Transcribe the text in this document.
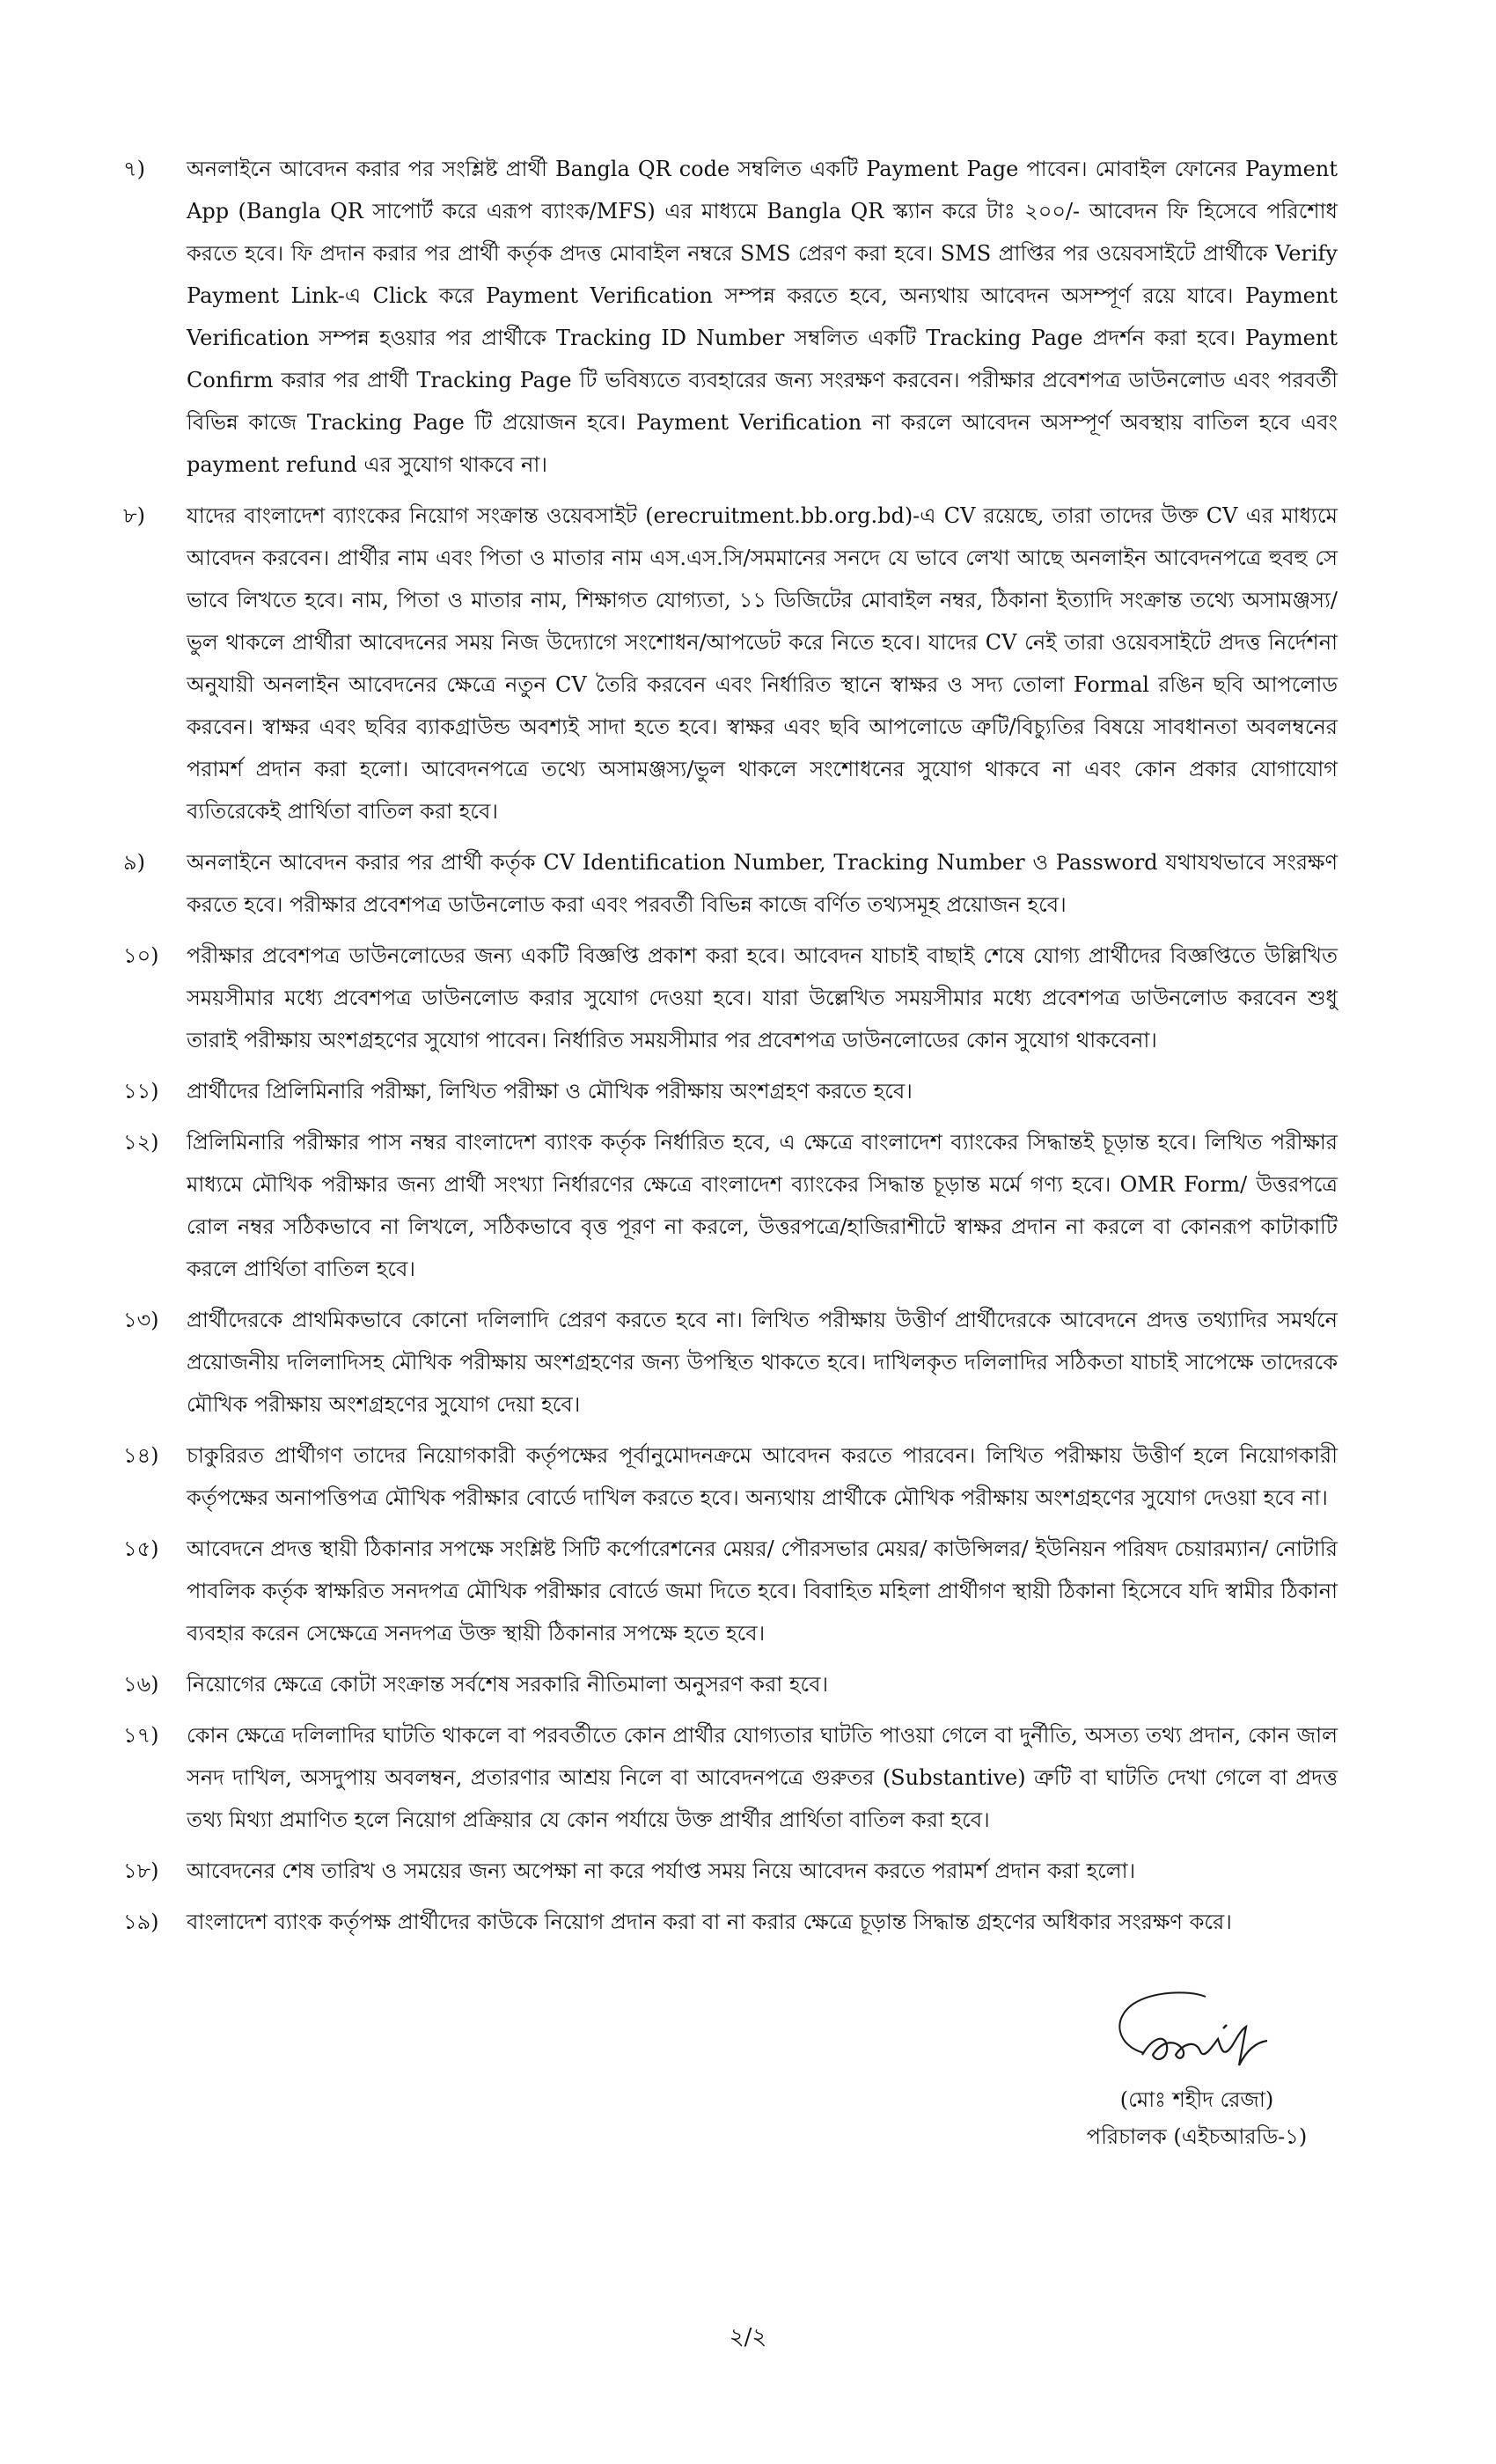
৭)	অনলাইনে আবেদন করার পর সংশ্লিষ্ট প্রার্থী Bangla QR code সম্বলিত একটি Payment Page পাবেন। মোবাইল ফোনের Payment App (Bangla QR সাপোর্ট করে এরূপ ব্যাংক/MFS) এর মাধ্যমে Bangla QR স্ক্যান করে টাঃ ২০০/- আবেদন ফি হিসেবে পরিশোধ করতে হবে। ফি প্রদান করার পর প্রার্থী কর্তৃক প্রদত্ত মোবাইল নম্বরে SMS প্রেরণ করা হবে। SMS প্রাপ্তির পর ওয়েবসাইটে প্রার্থীকে Verify Payment Link-এ Click করে Payment Verification সম্পন্ন করতে হবে, অন্যথায় আবেদন অসম্পূর্ণ রয়ে যাবে। Payment Verification সম্পন্ন হওয়ার পর প্রার্থীকে Tracking ID Number সম্বলিত একটি Tracking Page প্রদর্শন করা হবে। Payment Confirm করার পর প্রার্থী Tracking Page টি ভবিষ্যতে ব্যবহারের জন্য সংরক্ষণ করবেন। পরীক্ষার প্রবেশপত্র ডাউনলোড এবং পরবর্তী বিভিন্ন কাজে Tracking Page টি প্রয়োজন হবে। Payment Verification না করলে আবেদন অসম্পূর্ণ অবস্থায় বাতিল হবে এবং payment refund এর সুযোগ থাকবে না।
৮)	যাদের বাংলাদেশ ব্যাংকের নিয়োগ সংক্রান্ত ওয়েবসাইট (erecruitment.bb.org.bd)-এ CV রয়েছে, তারা তাদের উক্ত CV এর মাধ্যমে আবেদন করবেন। প্রার্থীর নাম এবং পিতা ও মাতার নাম এস.এস.সি/সমমানের সনদে যে ভাবে লেখা আছে অনলাইন আবেদনপত্রে হুবহু সে ভাবে লিখতে হবে। নাম, পিতা ও মাতার নাম, শিক্ষাগত যোগ্যতা, ১১ ডিজিটের মোবাইল নম্বর, ঠিকানা ইত্যাদি সংক্রান্ত তথ্যে অসামঞ্জস্য/ভুল থাকলে প্রার্থীরা আবেদনের সময় নিজ উদ্যোগে সংশোধন/আপডেট করে নিতে হবে। যাদের CV নেই তারা ওয়েবসাইটে প্রদত্ত নির্দেশনা অনুযায়ী অনলাইন আবেদনের ক্ষেত্রে নতুন CV তৈরি করবেন এবং নির্ধারিত স্থানে স্বাক্ষর ও সদ্য তোলা Formal রঙিন ছবি আপলোড করবেন। স্বাক্ষর এবং ছবির ব্যাকগ্রাউন্ড অবশ্যই সাদা হতে হবে। স্বাক্ষর এবং ছবি আপলোডে ত্রুটি/বিচ্যুতির বিষয়ে সাবধানতা অবলম্বনের পরামর্শ প্রদান করা হলো। আবেদনপত্রে তথ্যে অসামঞ্জস্য/ভুল থাকলে সংশোধনের সুযোগ থাকবে না এবং কোন প্রকার যোগাযোগ ব্যতিরেকেই প্রার্থিতা বাতিল করা হবে।
৯)	অনলাইনে আবেদন করার পর প্রার্থী কর্তৃক CV Identification Number, Tracking Number ও Password যথাযথভাবে সংরক্ষণ করতে হবে। পরীক্ষার প্রবেশপত্র ডাউনলোড করা এবং পরবর্তী বিভিন্ন কাজে বর্ণিত তথ্যসমূহ প্রয়োজন হবে।
১০)	পরীক্ষার প্রবেশপত্র ডাউনলোডের জন্য একটি বিজ্ঞপ্তি প্রকাশ করা হবে। আবেদন যাচাই বাছাই শেষে যোগ্য প্রার্থীদের বিজ্ঞপ্তিতে উল্লিখিত সময়সীমার মধ্যে প্রবেশপত্র ডাউনলোড করার সুযোগ দেওয়া হবে। যারা উল্লেখিত সময়সীমার মধ্যে প্রবেশপত্র ডাউনলোড করবেন শুধু তারাই পরীক্ষায় অংশগ্রহণের সুযোগ পাবেন। নির্ধারিত সময়সীমার পর প্রবেশপত্র ডাউনলোডের কোন সুযোগ থাকবেনা।
১১)	প্রার্থীদের প্রিলিমিনারি পরীক্ষা, লিখিত পরীক্ষা ও মৌখিক পরীক্ষায় অংশগ্রহণ করতে হবে।
১২)	প্রিলিমিনারি পরীক্ষার পাস নম্বর বাংলাদেশ ব্যাংক কর্তৃক নির্ধারিত হবে, এ ক্ষেত্রে বাংলাদেশ ব্যাংকের সিদ্ধান্তই চূড়ান্ত হবে। লিখিত পরীক্ষার মাধ্যমে মৌখিক পরীক্ষার জন্য প্রার্থী সংখ্যা নির্ধারণের ক্ষেত্রে বাংলাদেশ ব্যাংকের সিদ্ধান্ত চূড়ান্ত মর্মে গণ্য হবে। OMR Form/ উত্তরপত্রে রোল নম্বর সঠিকভাবে না লিখলে, সঠিকভাবে বৃত্ত পূরণ না করলে, উত্তরপত্রে/হাজিরাশীটে স্বাক্ষর প্রদান না করলে বা কোনরূপ কাটাকাটি করলে প্রার্থিতা বাতিল হবে।
১৩)	প্রার্থীদেরকে প্রাথমিকভাবে কোনো দলিলাদি প্রেরণ করতে হবে না। লিখিত পরীক্ষায় উত্তীর্ণ প্রার্থীদেরকে আবেদনে প্রদত্ত তথ্যাদির সমর্থনে প্রয়োজনীয় দলিলাদিসহ মৌখিক পরীক্ষায় অংশগ্রহণের জন্য উপস্থিত থাকতে হবে। দাখিলকৃত দলিলাদির সঠিকতা যাচাই সাপেক্ষে তাদেরকে মৌখিক পরীক্ষায় অংশগ্রহণের সুযোগ দেয়া হবে।
১৪)	চাকুরিরত প্রার্থীগণ তাদের নিয়োগকারী কর্তৃপক্ষের পূর্বানুমোদনক্রমে আবেদন করতে পারবেন। লিখিত পরীক্ষায় উত্তীর্ণ হলে নিয়োগকারী কর্তৃপক্ষের অনাপত্তিপত্র মৌখিক পরীক্ষার বোর্ডে দাখিল করতে হবে। অন্যথায় প্রার্থীকে মৌখিক পরীক্ষায় অংশগ্রহণের সুযোগ দেওয়া হবে না।
১৫)	আবেদনে প্রদত্ত স্থায়ী ঠিকানার সপক্ষে সংশ্লিষ্ট সিটি কর্পোরেশনের মেয়র/ পৌরসভার মেয়র/ কাউন্সিলর/ ইউনিয়ন পরিষদ চেয়ারম্যান/ নোটারি পাবলিক কর্তৃক স্বাক্ষরিত সনদপত্র মৌখিক পরীক্ষার বোর্ডে জমা দিতে হবে। বিবাহিত মহিলা প্রার্থীগণ স্থায়ী ঠিকানা হিসেবে যদি স্বামীর ঠিকানা ব্যবহার করেন সেক্ষেত্রে সনদপত্র উক্ত স্থায়ী ঠিকানার সপক্ষে হতে হবে।
১৬)	নিয়োগের ক্ষেত্রে কোটা সংক্রান্ত সর্বশেষ সরকারি নীতিমালা অনুসরণ করা হবে।
১৭)	কোন ক্ষেত্রে দলিলাদির ঘাটতি থাকলে বা পরবর্তীতে কোন প্রার্থীর যোগ্যতার ঘাটতি পাওয়া গেলে বা দুর্নীতি, অসত্য তথ্য প্রদান, কোন জাল সনদ দাখিল, অসদুপায় অবলম্বন, প্রতারণার আশ্রয় নিলে বা আবেদনপত্রে গুরুতর (Substantive) ত্রুটি বা ঘাটতি দেখা গেলে বা প্রদত্ত তথ্য মিথ্যা প্রমাণিত হলে নিয়োগ প্রক্রিয়ার যে কোন পর্যায়ে উক্ত প্রার্থীর প্রার্থিতা বাতিল করা হবে।
১৮)	আবেদনের শেষ তারিখ ও সময়ের জন্য অপেক্ষা না করে পর্যাপ্ত সময় নিয়ে আবেদন করতে পরামর্শ প্রদান করা হলো।
১৯)	বাংলাদেশ ব্যাংক কর্তৃপক্ষ প্রার্থীদের কাউকে নিয়োগ প্রদান করা বা না করার ক্ষেত্রে চূড়ান্ত সিদ্ধান্ত গ্রহণের অধিকার সংরক্ষণ করে।
(মোঃ শহীদ রেজা)
পরিচালক (এইচআরডি-১)
২/২
